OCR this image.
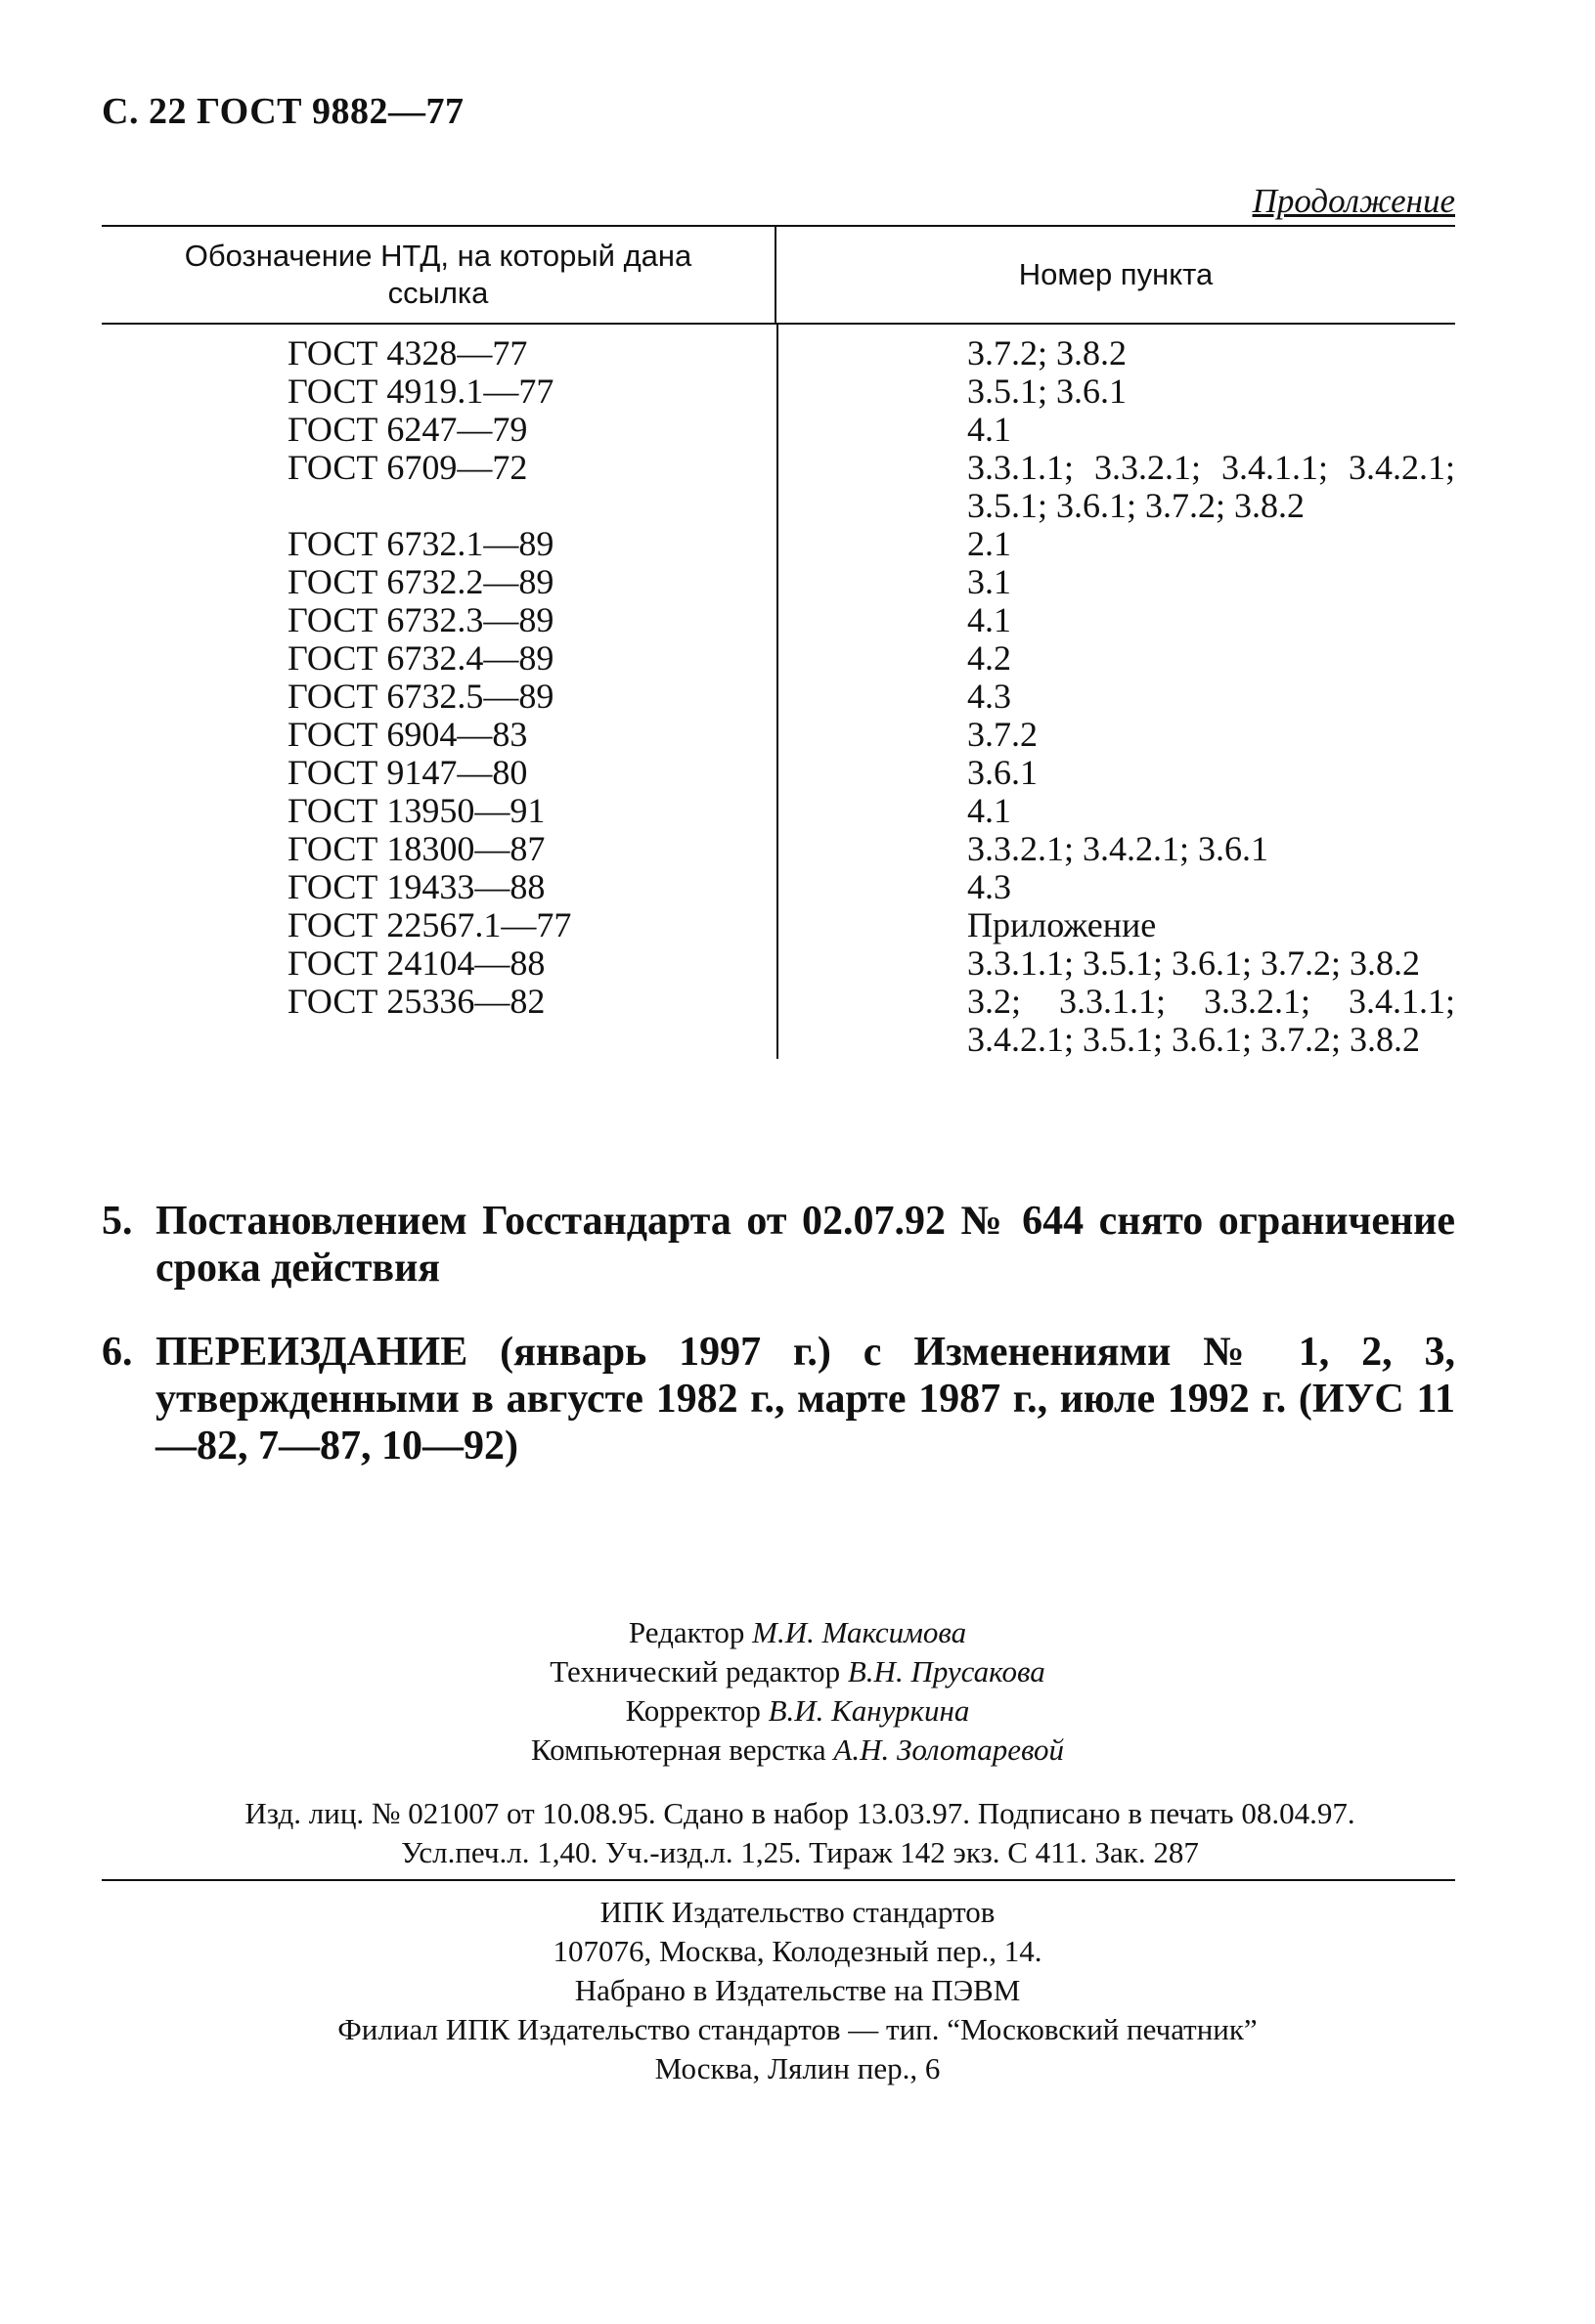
С. 22 ГОСТ 9882—77
Продолжение
Обозначение НТД, на который дана ссылка
Номер пункта
ГОСТ 4328—77	3.7.2; 3.8.2
ГОСТ 4919.1—77	3.5.1; 3.6.1
ГОСТ 6247—79	4.1
ГОСТ 6709—72	3.3.1.1; 3.3.2.1; 3.4.1.1; 3.4.2.1; 3.5.1; 3.6.1; 3.7.2; 3.8.2
ГОСТ 6732.1—89	2.1
ГОСТ 6732.2—89	3.1
ГОСТ 6732.3—89	4.1
ГОСТ 6732.4—89	4.2
ГОСТ 6732.5—89	4.3
ГОСТ 6904—83	3.7.2
ГОСТ 9147—80	3.6.1
ГОСТ 13950—91	4.1
ГОСТ 18300—87	3.3.2.1; 3.4.2.1; 3.6.1
ГОСТ 19433—88	4.3
ГОСТ 22567.1—77	Приложение
ГОСТ 24104—88	3.3.1.1; 3.5.1; 3.6.1; 3.7.2; 3.8.2
ГОСТ 25336—82	3.2; 3.3.1.1; 3.3.2.1; 3.4.1.1; 3.4.2.1; 3.5.1; 3.6.1; 3.7.2; 3.8.2
5. Постановлением Госстандарта от 02.07.92 № 644 снято ограничение срока действия
6. ПЕРЕИЗДАНИЕ (январь 1997 г.) с Изменениями № 1, 2, 3, утвержденными в августе 1982 г., марте 1987 г., июле 1992 г. (ИУС 11—82, 7—87, 10—92)
Редактор М.И. Максимова
Технический редактор В.Н. Прусакова
Корректор В.И. Кануркина
Компьютерная верстка А.Н. Золотаревой
Изд. лиц. № 021007 от 10.08.95. Сдано в набор 13.03.97. Подписано в печать 08.04.97.
Усл.печ.л. 1,40. Уч.-изд.л. 1,25. Тираж 142 экз. С 411. Зак. 287
ИПК Издательство стандартов
107076, Москва, Колодезный пер., 14.
Набрано в Издательстве на ПЭВМ
Филиал ИПК Издательство стандартов — тип. “Московский печатник”
Москва, Лялин пер., 6
